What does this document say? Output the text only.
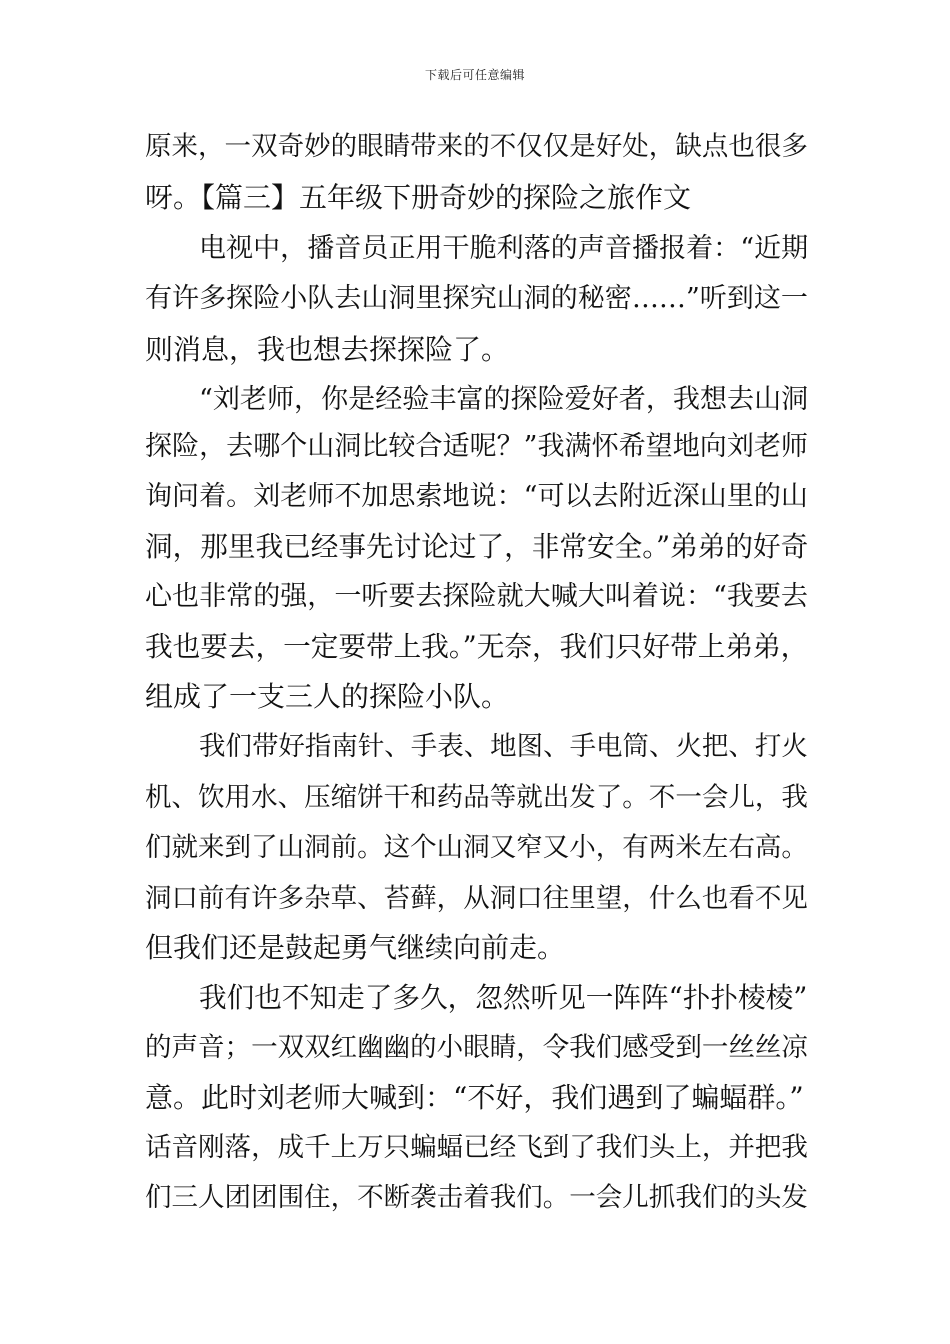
下载后可任意编辑
原来，一双奇妙的眼睛带来的不仅仅是好处，缺点也很多
呀。【篇三】五年级下册奇妙的探险之旅作文
电视中，播音员正用干脆利落的声音播报着：“近期
有许多探险小队去山洞里探究山洞的秘密……”听到这一
则消息，我也想去探探险了。
“刘老师，你是经验丰富的探险爱好者，我想去山洞
探险，去哪个山洞比较合适呢？”我满怀希望地向刘老师
询问着。刘老师不加思索地说：“可以去附近深山里的山
洞，那里我已经事先讨论过了，非常安全。”弟弟的好奇
心也非常的强，一听要去探险就大喊大叫着说：“我要去
我也要去，一定要带上我。”无奈，我们只好带上弟弟，
组成了一支三人的探险小队。
我们带好指南针、手表、地图、手电筒、火把、打火
机、饮用水、压缩饼干和药品等就出发了。不一会儿，我
们就来到了山洞前。这个山洞又窄又小，有两米左右高。
洞口前有许多杂草、苔藓，从洞口往里望，什么也看不见
但我们还是鼓起勇气继续向前走。
我们也不知走了多久，忽然听见一阵阵“扑扑棱棱”
的声音；一双双红幽幽的小眼睛，令我们感受到一丝丝凉
意。此时刘老师大喊到：“不好，我们遇到了蝙蝠群。”
话音刚落，成千上万只蝙蝠已经飞到了我们头上，并把我
们三人团团围住，不断袭击着我们。一会儿抓我们的头发
